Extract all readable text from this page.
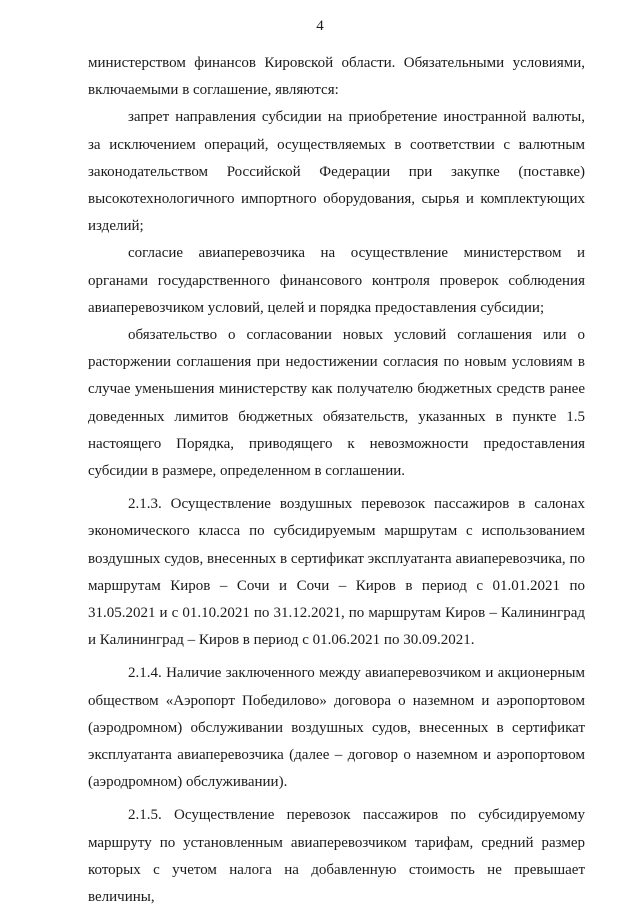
4

министерством финансов Кировской области. Обязательными условиями, включаемыми в соглашение, являются:

запрет направления субсидии на приобретение иностранной валюты, за исключением операций, осуществляемых в соответствии с валютным законодательством Российской Федерации при закупке (поставке) высокотехнологичного импортного оборудования, сырья и комплектующих изделий;

согласие авиаперевозчика на осуществление министерством и органами государственного финансового контроля проверок соблюдения авиаперевозчиком условий, целей и порядка предоставления субсидии;

обязательство о согласовании новых условий соглашения или о расторжении соглашения при недостижении согласия по новым условиям в случае уменьшения министерству как получателю бюджетных средств ранее доведенных лимитов бюджетных обязательств, указанных в пункте 1.5 настоящего Порядка, приводящего к невозможности предоставления субсидии в размере, определенном в соглашении.

2.1.3. Осуществление воздушных перевозок пассажиров в салонах экономического класса по субсидируемым маршрутам с использованием воздушных судов, внесенных в сертификат эксплуатанта авиаперевозчика, по маршрутам Киров – Сочи и Сочи – Киров в период с 01.01.2021 по 31.05.2021 и с 01.10.2021 по 31.12.2021, по маршрутам Киров – Калининград и Калининград – Киров в период с 01.06.2021 по 30.09.2021.

2.1.4. Наличие заключенного между авиаперевозчиком и акционерным обществом «Аэропорт Победилово» договора о наземном и аэропортовом (аэродромном) обслуживании воздушных судов, внесенных в сертификат эксплуатанта авиаперевозчика (далее – договор о наземном и аэропортовом (аэродромном) обслуживании).

2.1.5. Осуществление перевозок пассажиров по субсидируемому маршруту по установленным авиаперевозчиком тарифам, средний размер которых с учетом налога на добавленную стоимость не превышает величины,
